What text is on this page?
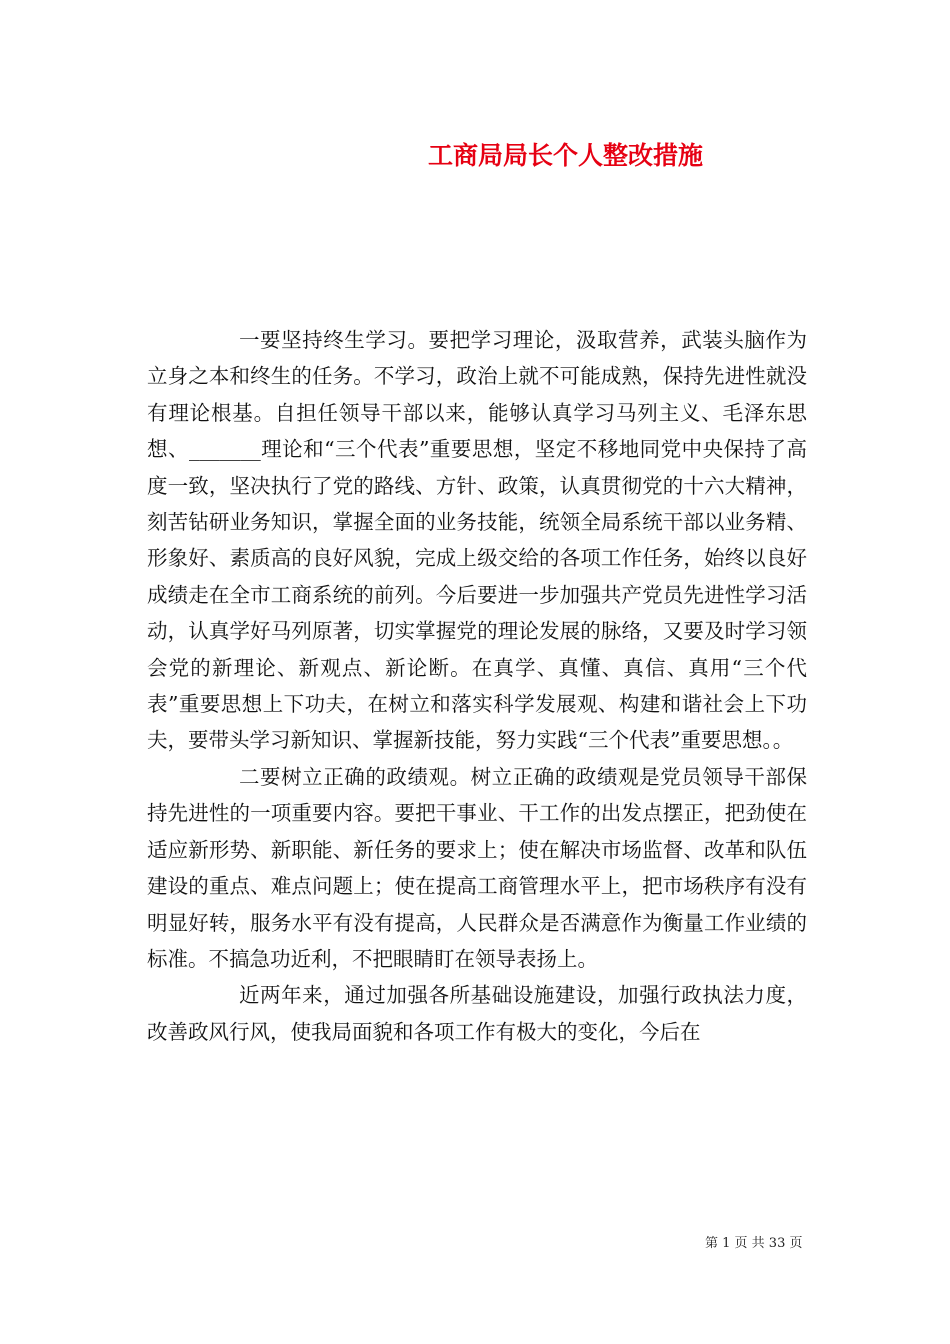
工商局局长个人整改措施

一要坚持终生学习。要把学习理论，汲取营养，武装头脑作为立身之本和终生的任务。不学习，政治上就不可能成熟，保持先进性就没有理论根基。自担任领导干部以来，能够认真学习马列主义、毛泽东思想、_______理论和“三个代表”重要思想，坚定不移地同党中央保持了高度一致，坚决执行了党的路线、方针、政策，认真贯彻党的十六大精神，刻苦钻研业务知识，掌握全面的业务技能，统领全局系统干部以业务精、形象好、素质高的良好风貌，完成上级交给的各项工作任务，始终以良好成绩走在全市工商系统的前列。今后要进一步加强共产党员先进性学习活动，认真学好马列原著，切实掌握党的理论发展的脉络，又要及时学习领会党的新理论、新观点、新论断。在真学、真懂、真信、真用“三个代表”重要思想上下功夫，在树立和落实科学发展观、构建和谐社会上下功夫，要带头学习新知识、掌握新技能，努力实践“三个代表”重要思想。。

二要树立正确的政绩观。树立正确的政绩观是党员领导干部保持先进性的一项重要内容。要把干事业、干工作的出发点摆正，把劲使在适应新形势、新职能、新任务的要求上；使在解决市场监督、改革和队伍建设的重点、难点问题上；使在提高工商管理水平上，把市场秩序有没有明显好转，服务水平有没有提高，人民群众是否满意作为衡量工作业绩的标准。不搞急功近利，不把眼睛盯在领导表扬上。

近两年来，通过加强各所基础设施建设，加强行政执法力度，改善政风行风，使我局面貌和各项工作有极大的变化，今后在

第 1 页 共 33 页
